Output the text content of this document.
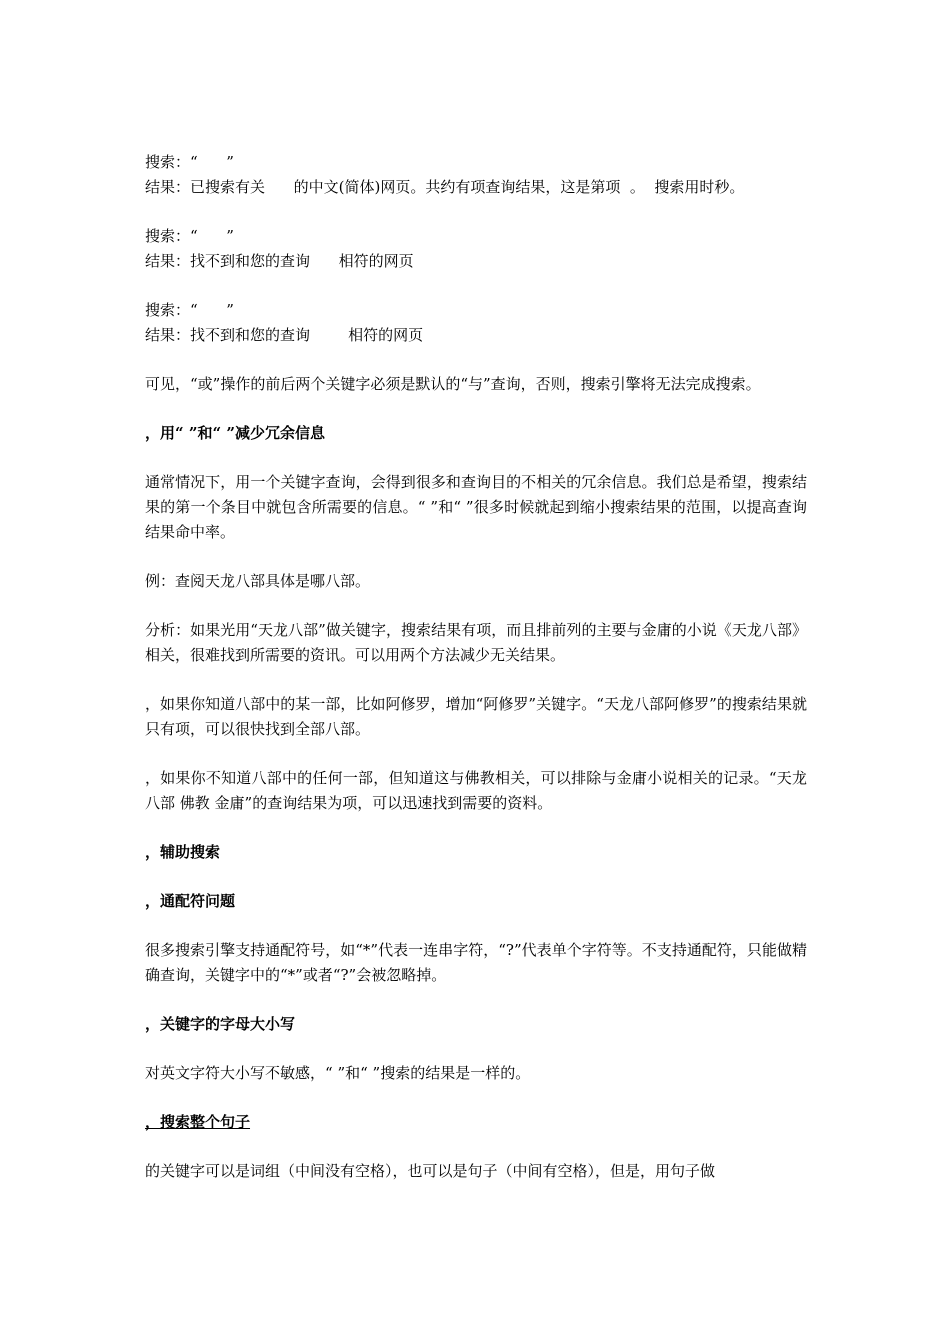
搜索：“      ”
结果：已搜索有关      的中文(简体)网页。共约有项查询结果，这是第项  。  搜索用时秒。
搜索：“      ”
结果：找不到和您的查询      相符的网页
搜索：“      ”
结果：找不到和您的查询        相符的网页
可见，“或”操作的前后两个关键字必须是默认的“与”查询，否则，搜索引擎将无法完成搜索。
，用“ ”和“ ”减少冗余信息
通常情况下，用一个关键字查询，会得到很多和查询目的不相关的冗余信息。我们总是希望，搜索结果的第一个条目中就包含所需要的信息。“ ”和“ ”很多时候就起到缩小搜索结果的范围，以提高查询结果命中率。
例：查阅天龙八部具体是哪八部。
分析：如果光用“天龙八部”做关键字，搜索结果有项，而且排前列的主要与金庸的小说《天龙八部》相关，很难找到所需要的资讯。可以用两个方法减少无关结果。
，如果你知道八部中的某一部，比如阿修罗，增加“阿修罗”关键字。“天龙八部阿修罗”的搜索结果就只有项，可以很快找到全部八部。
，如果你不知道八部中的任何一部，但知道这与佛教相关，可以排除与金庸小说相关的记录。“天龙八部 佛教 金庸”的查询结果为项，可以迅速找到需要的资料。
，辅助搜索
，通配符问题
很多搜索引擎支持通配符号，如“*”代表一连串字符，“?”代表单个字符等。不支持通配符，只能做精确查询，关键字中的“*”或者“?”会被忽略掉。
，关键字的字母大小写
对英文字符大小写不敏感，“ ”和“ ”搜索的结果是一样的。
，搜索整个句子
的关键字可以是词组（中间没有空格），也可以是句子（中间有空格），但是，用句子做
